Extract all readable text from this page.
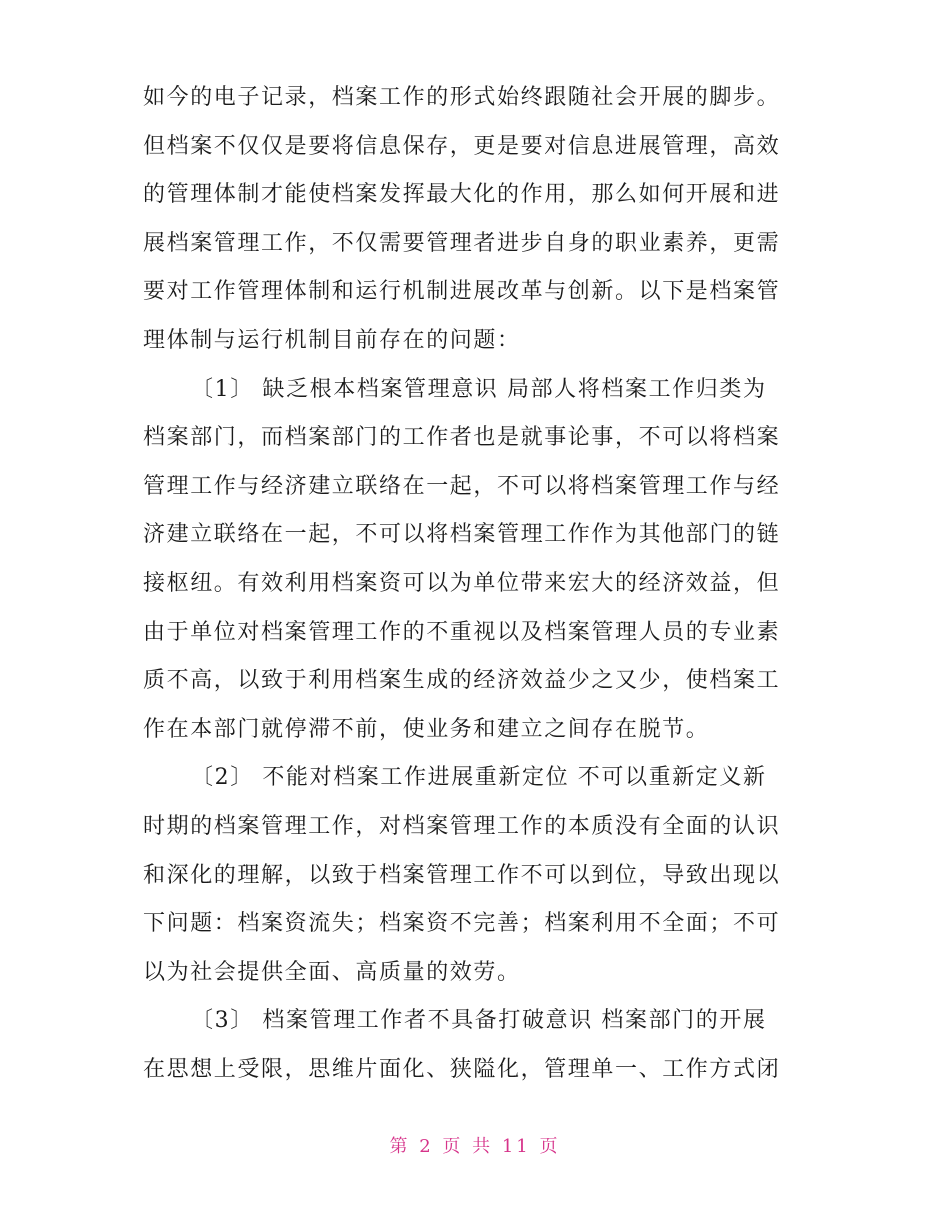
如今的电子记录，档案工作的形式始终跟随社会开展的脚步。
但档案不仅仅是要将信息保存，更是要对信息进展管理，高效
的管理体制才能使档案发挥最大化的作用，那么如何开展和进
展档案管理工作，不仅需要管理者进步自身的职业素养，更需
要对工作管理体制和运行机制进展改革与创新。以下是档案管
理体制与运行机制目前存在的问题：
〔1〕 缺乏根本档案管理意识 局部人将档案工作归类为
档案部门，而档案部门的工作者也是就事论事，不可以将档案
管理工作与经济建立联络在一起，不可以将档案管理工作与经
济建立联络在一起，不可以将档案管理工作作为其他部门的链
接枢纽。有效利用档案资可以为单位带来宏大的经济效益，但
由于单位对档案管理工作的不重视以及档案管理人员的专业素
质不高，以致于利用档案生成的经济效益少之又少，使档案工
作在本部门就停滞不前，使业务和建立之间存在脱节。
〔2〕 不能对档案工作进展重新定位 不可以重新定义新
时期的档案管理工作，对档案管理工作的本质没有全面的认识
和深化的理解，以致于档案管理工作不可以到位，导致出现以
下问题：档案资流失；档案资不完善；档案利用不全面；不可
以为社会提供全面、高质量的效劳。
〔3〕 档案管理工作者不具备打破意识 档案部门的开展
在思想上受限，思维片面化、狭隘化，管理单一、工作方式闭
第 2 页 共 11 页
